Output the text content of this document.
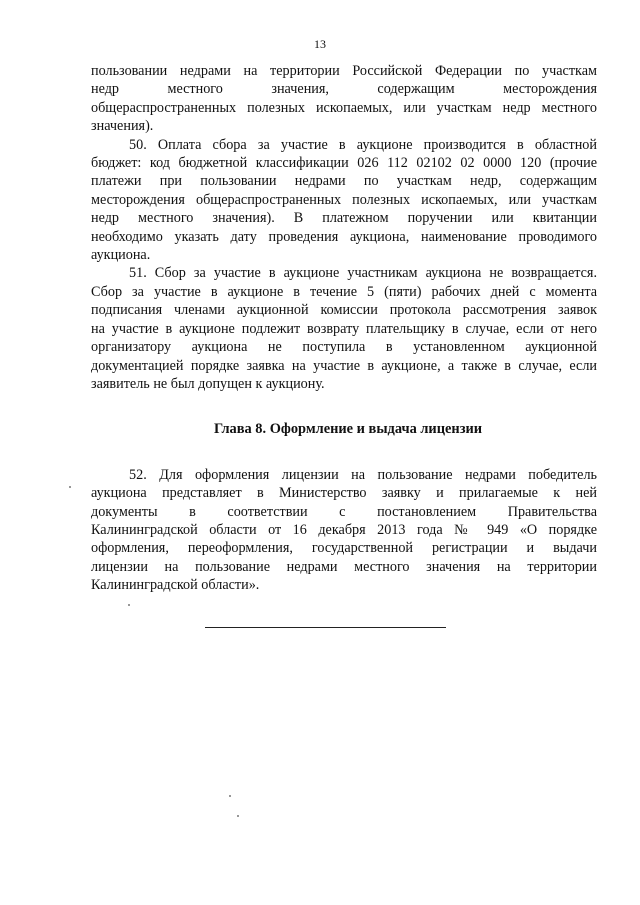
13

пользовании недрами на территории Российской Федерации по участкам
недр местного значения, содержащим месторождения
общераспространенных полезных ископаемых, или участкам недр местного
значения).

50. Оплата сбора за участие в аукционе производится в областной
бюджет: код бюджетной классификации 026 112 02102 02 0000 120 (прочие
платежи при пользовании недрами по участкам недр, содержащим
месторождения общераспространенных полезных ископаемых, или участкам
недр местного значения). В платежном поручении или квитанции
необходимо указать дату проведения аукциона, наименование проводимого
аукциона.

51. Сбор за участие в аукционе участникам аукциона не возвращается.
Сбор за участие в аукционе в течение 5 (пяти) рабочих дней с момента
подписания членами аукционной комиссии протокола рассмотрения заявок
на участие в аукционе подлежит возврату плательщику в случае, если от него
организатору аукциона не поступила в установленном аукционной
документацией порядке заявка на участие в аукционе, а также в случае, если
заявитель не был допущен к аукциону.

Глава 8. Оформление и выдача лицензии

52. Для оформления лицензии на пользование недрами победитель
аукциона представляет в Министерство заявку и прилагаемые к ней
документы в соответствии с постановлением Правительства
Калининградской области от 16 декабря 2013 года № 949 «О порядке
оформления, переоформления, государственной регистрации и выдачи
лицензии на пользование недрами местного значения на территории
Калининградской области».
